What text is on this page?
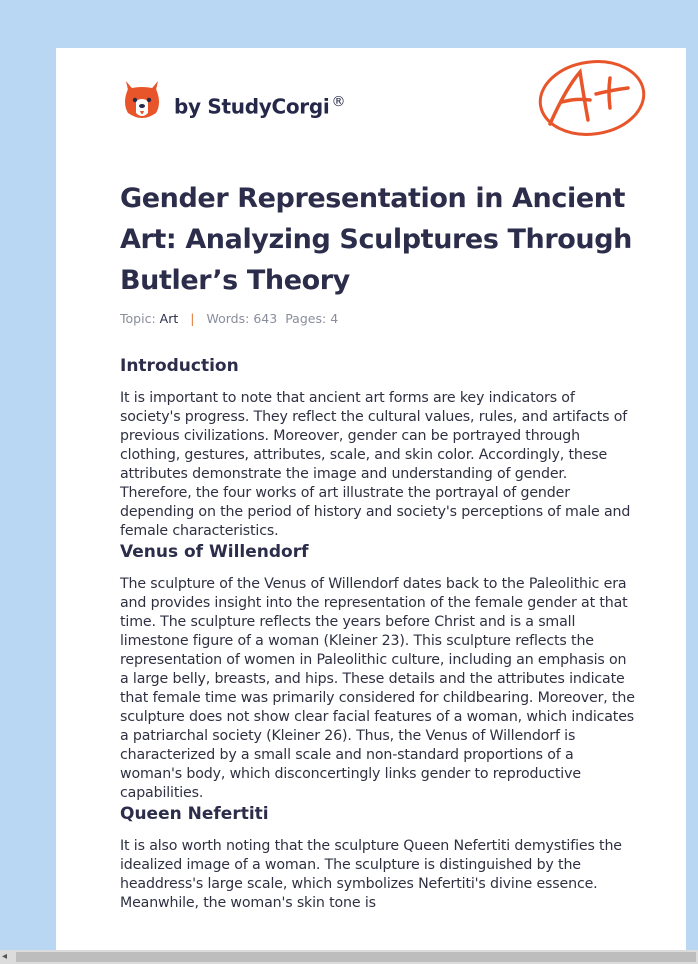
by StudyCorgi ®
Gender Representation in Ancient Art: Analyzing Sculptures Through Butler’s Theory
Topic: Art | Words: 643 Pages: 4
Introduction

It is important to note that ancient art forms are key indicators of society's progress. They reflect the cultural values, rules, and artifacts of previous civilizations. Moreover, gender can be portrayed through clothing, gestures, attributes, scale, and skin color. Accordingly, these attributes demonstrate the image and understanding of gender. Therefore, the four works of art illustrate the portrayal of gender depending on the period of history and society's perceptions of male and female characteristics.

Venus of Willendorf

The sculpture of the Venus of Willendorf dates back to the Paleolithic era and provides insight into the representation of the female gender at that time. The sculpture reflects the years before Christ and is a small limestone figure of a woman (Kleiner 23). This sculpture reflects the representation of women in Paleolithic culture, including an emphasis on a large belly, breasts, and hips. These details and the attributes indicate that female time was primarily considered for childbearing. Moreover, the sculpture does not show clear facial features of a woman, which indicates a patriarchal society (Kleiner 26). Thus, the Venus of Willendorf is characterized by a small scale and non-standard proportions of a woman's body, which disconcertingly links gender to reproductive capabilities.

Queen Nefertiti

It is also worth noting that the sculpture Queen Nefertiti demystifies the idealized image of a woman. The sculpture is distinguished by the headdress's large scale, which symbolizes Nefertiti's divine essence. Meanwhile, the woman's skin tone is

◂
